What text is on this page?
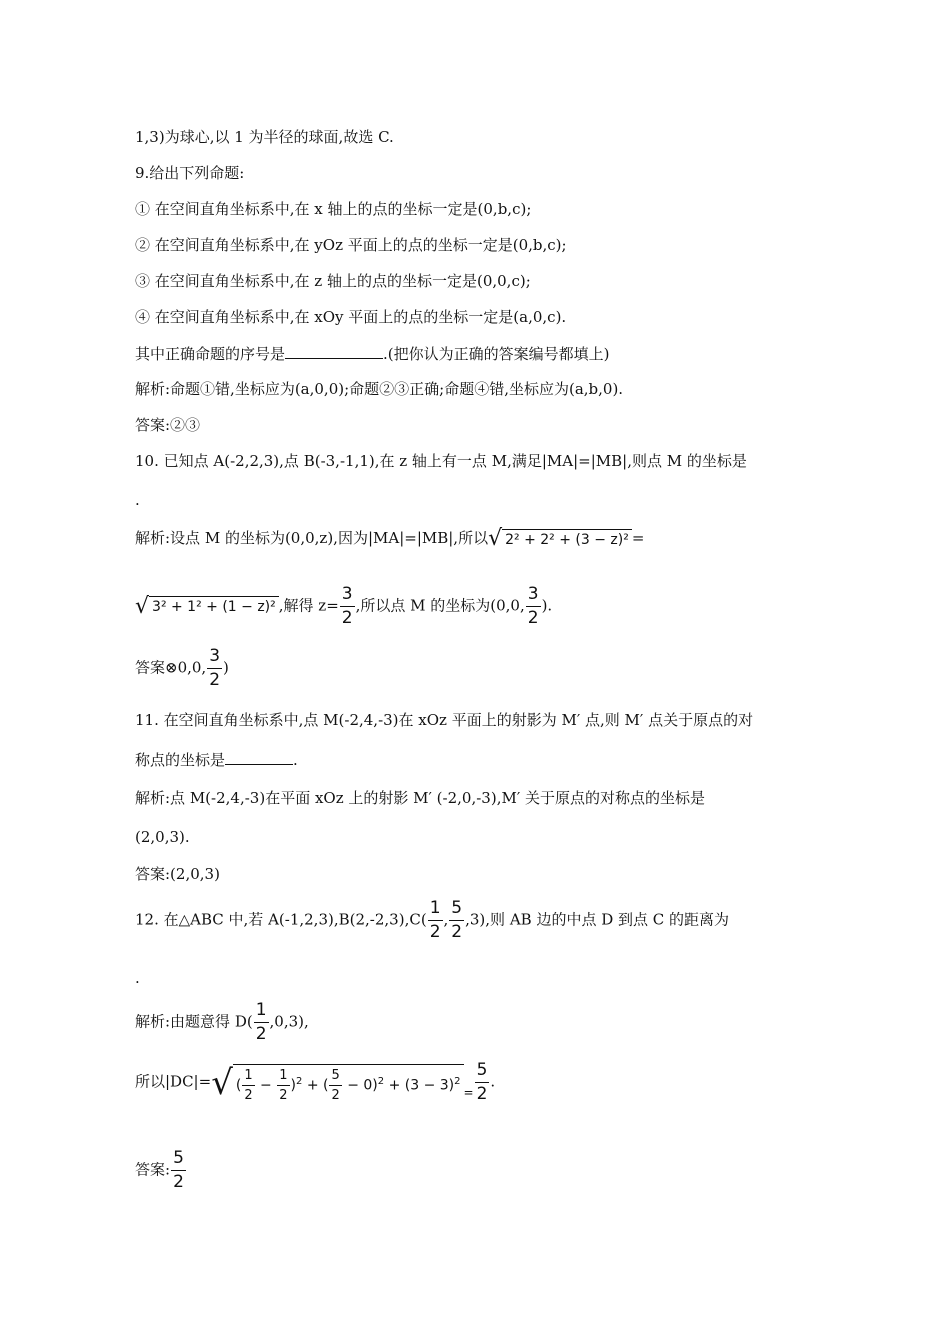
1,3)为球心,以 1 为半径的球面,故选 C.
9.给出下列命题:
① 在空间直角坐标系中,在 x 轴上的点的坐标一定是(0,b,c);
② 在空间直角坐标系中,在 yOz 平面上的点的坐标一定是(0,b,c);
③ 在空间直角坐标系中,在 z 轴上的点的坐标一定是(0,0,c);
④ 在空间直角坐标系中,在 xOy 平面上的点的坐标一定是(a,0,c).
其中正确命题的序号是	.(把你认为正确的答案编号都填上)
解析:命题①错,坐标应为(a,0,0);命题②③正确;命题④错,坐标应为(a,b,0).
答案:②③
10. 已知点 A(-2,2,3),点 B(-3,-1,1),在 z 轴上有一点 M,满足|MA|=|MB|,则点 M 的坐标是
.
解析:设点 M 的坐标为(0,0,z),因为|MA|=|MB|,所以√ 2² + 2² + (3 − z)² =
√ 3² + 1² + (1 − z)² ,解得 $z= \frac{3}{2}$ ,所以点 M 的坐标为(0,0, $\frac{3}{2}$ ).
答案⊗0,0, $\frac{3}{2}$ )
11. 在空间直角坐标系中,点 M(-2,4,-3)在 xOz 平面上的射影为 M′ 点,则 M′ 点关于原点的对
称点的坐标是	.
解析:点 M(-2,4,-3)在平面 xOz 上的射影 M′ (-2,0,-3),M′ 关于原点的对称点的坐标是
(2,0,3).
答案:(2,0,3)
12. 在△ABC 中,若 $A(-1,2,3),B(2,-2,3),C( \frac{1}{2}$ , $\frac{5}{2} ,3$),则 AB 边的中点 D 到点 C 的距离为
.
解析:由题意得 $D( \frac{1}{2} ,0,3)$,
所以|DC|=√ ( $\frac{1}{2} - \frac{1}{2} )^2$ + ( $\frac{5}{2} - 0)^2 + (3 - 3)^2_= \frac{5}{2}$ .
答案: $\frac{5}{2}$
